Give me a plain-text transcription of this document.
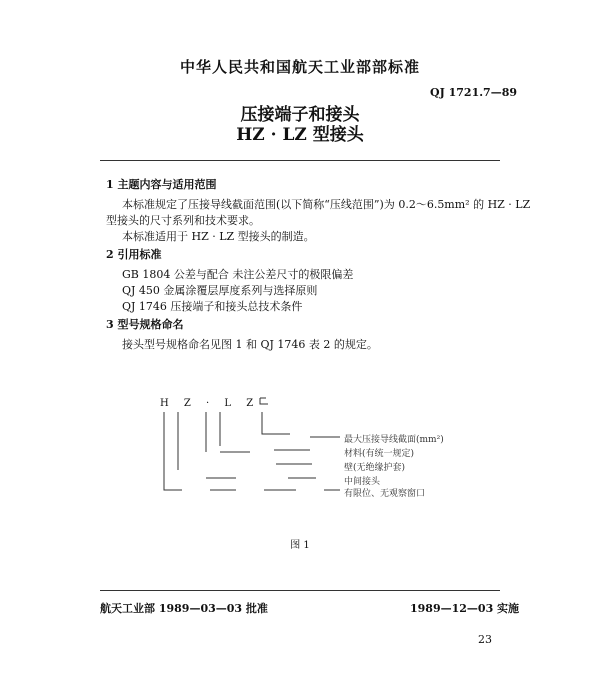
中华人民共和国航天工业部部标准
QJ 1721.7—89
压接端子和接头
HZ · LZ 型接头
1 主题内容与适用范围
本标准规定了压接导线截面范围(以下简称“压线范围”)为 0.2～6.5mm² 的 HZ · LZ
型接头的尺寸系列和技术要求。
本标准适用于 HZ · LZ 型接头的制造。
2 引用标准
GB 1804 公差与配合 未注公差尺寸的极限偏差
QJ 450 金属涂覆层厚度系列与选择原则
QJ 1746 压接端子和接头总技术条件
3 型号规格命名
接头型号规格命名见图 1 和 QJ 1746 表 2 的规定。
H Z · L Z
最大压接导线截面(mm²)
材料(有统一规定)
壁(无绝缘护套)
中间接头
有限位、无观察窗口
图 1
航天工业部 1989—03—03 批准	1989—12—03 实施
23
